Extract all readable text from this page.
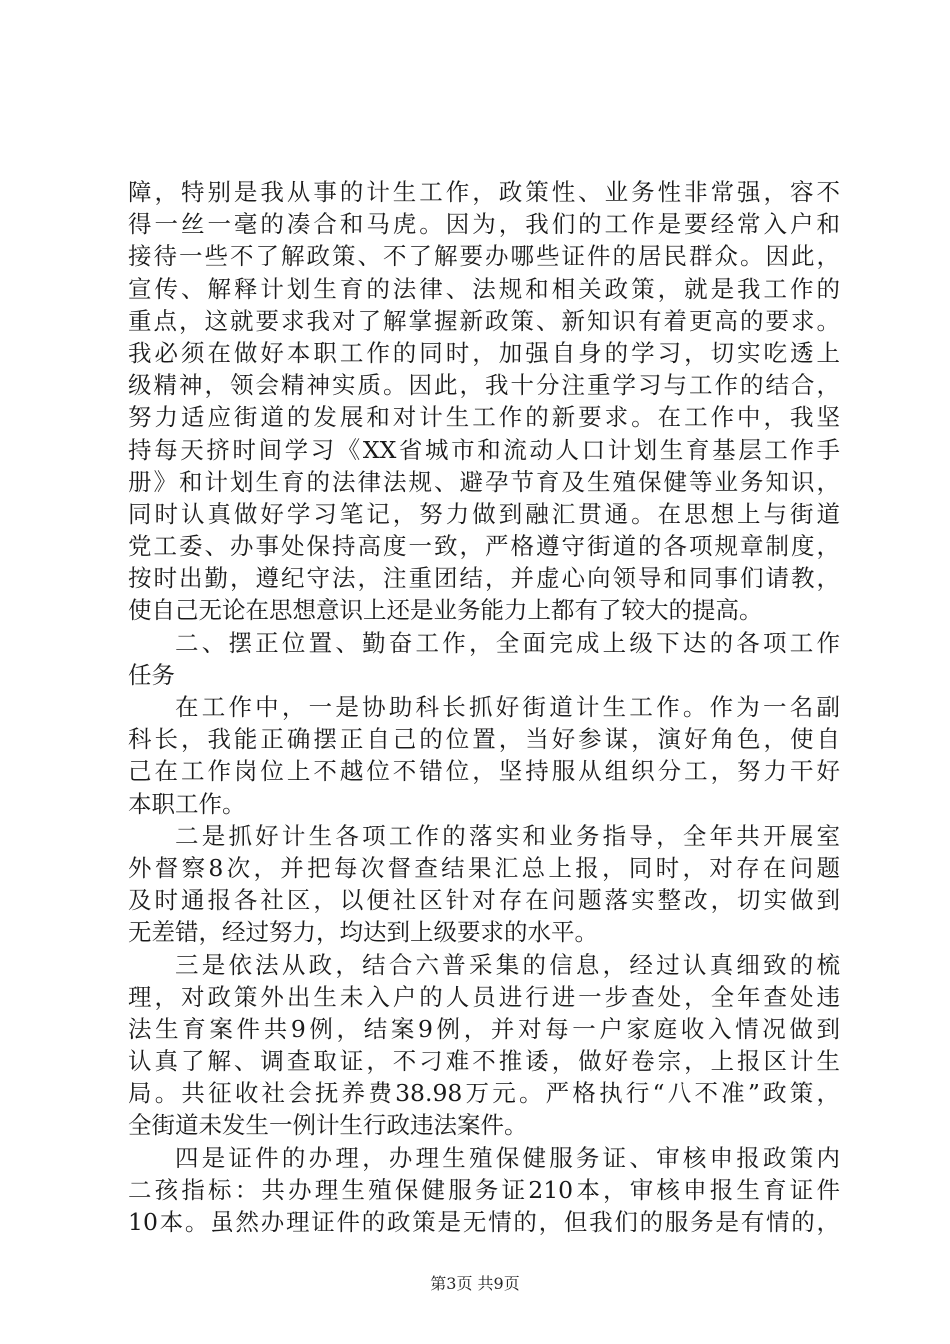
障，特别是我从事的计生工作，政策性、业务性非常强，容不
得一丝一毫的凑合和马虎。因为，我们的工作是要经常入户和
接待一些不了解政策、不了解要办哪些证件的居民群众。因此，
宣传、解释计划生育的法律、法规和相关政策，就是我工作的
重点，这就要求我对了解掌握新政策、新知识有着更高的要求。
我必须在做好本职工作的同时，加强自身的学习，切实吃透上
级精神，领会精神实质。因此，我十分注重学习与工作的结合，
努力适应街道的发展和对计生工作的新要求。在工作中，我坚
持每天挤时间学习《XX省城市和流动人口计划生育基层工作手
册》和计划生育的法律法规、避孕节育及生殖保健等业务知识，
同时认真做好学习笔记，努力做到融汇贯通。在思想上与街道
党工委、办事处保持高度一致，严格遵守街道的各项规章制度，
按时出勤，遵纪守法，注重团结，并虚心向领导和同事们请教，
使自己无论在思想意识上还是业务能力上都有了较大的提高。
二、摆正位置、勤奋工作，全面完成上级下达的各项工作
任务
在工作中，一是协助科长抓好街道计生工作。作为一名副
科长，我能正确摆正自己的位置，当好参谋，演好角色，使自
己在工作岗位上不越位不错位，坚持服从组织分工，努力干好
本职工作。
二是抓好计生各项工作的落实和业务指导，全年共开展室
外督察8次，并把每次督查结果汇总上报，同时，对存在问题
及时通报各社区，以便社区针对存在问题落实整改，切实做到
无差错，经过努力，均达到上级要求的水平。
三是依法从政，结合六普采集的信息，经过认真细致的梳
理，对政策外出生未入户的人员进行进一步查处，全年查处违
法生育案件共9例，结案9例，并对每一户家庭收入情况做到
认真了解、调查取证，不刁难不推诿，做好卷宗，上报区计生
局。共征收社会抚养费38.98万元。严格执行“八不准”政策，
全街道未发生一例计生行政违法案件。
四是证件的办理，办理生殖保健服务证、审核申报政策内
二孩指标：共办理生殖保健服务证210本，审核申报生育证件
10本。虽然办理证件的政策是无情的，但我们的服务是有情的，
第3页 共9页
